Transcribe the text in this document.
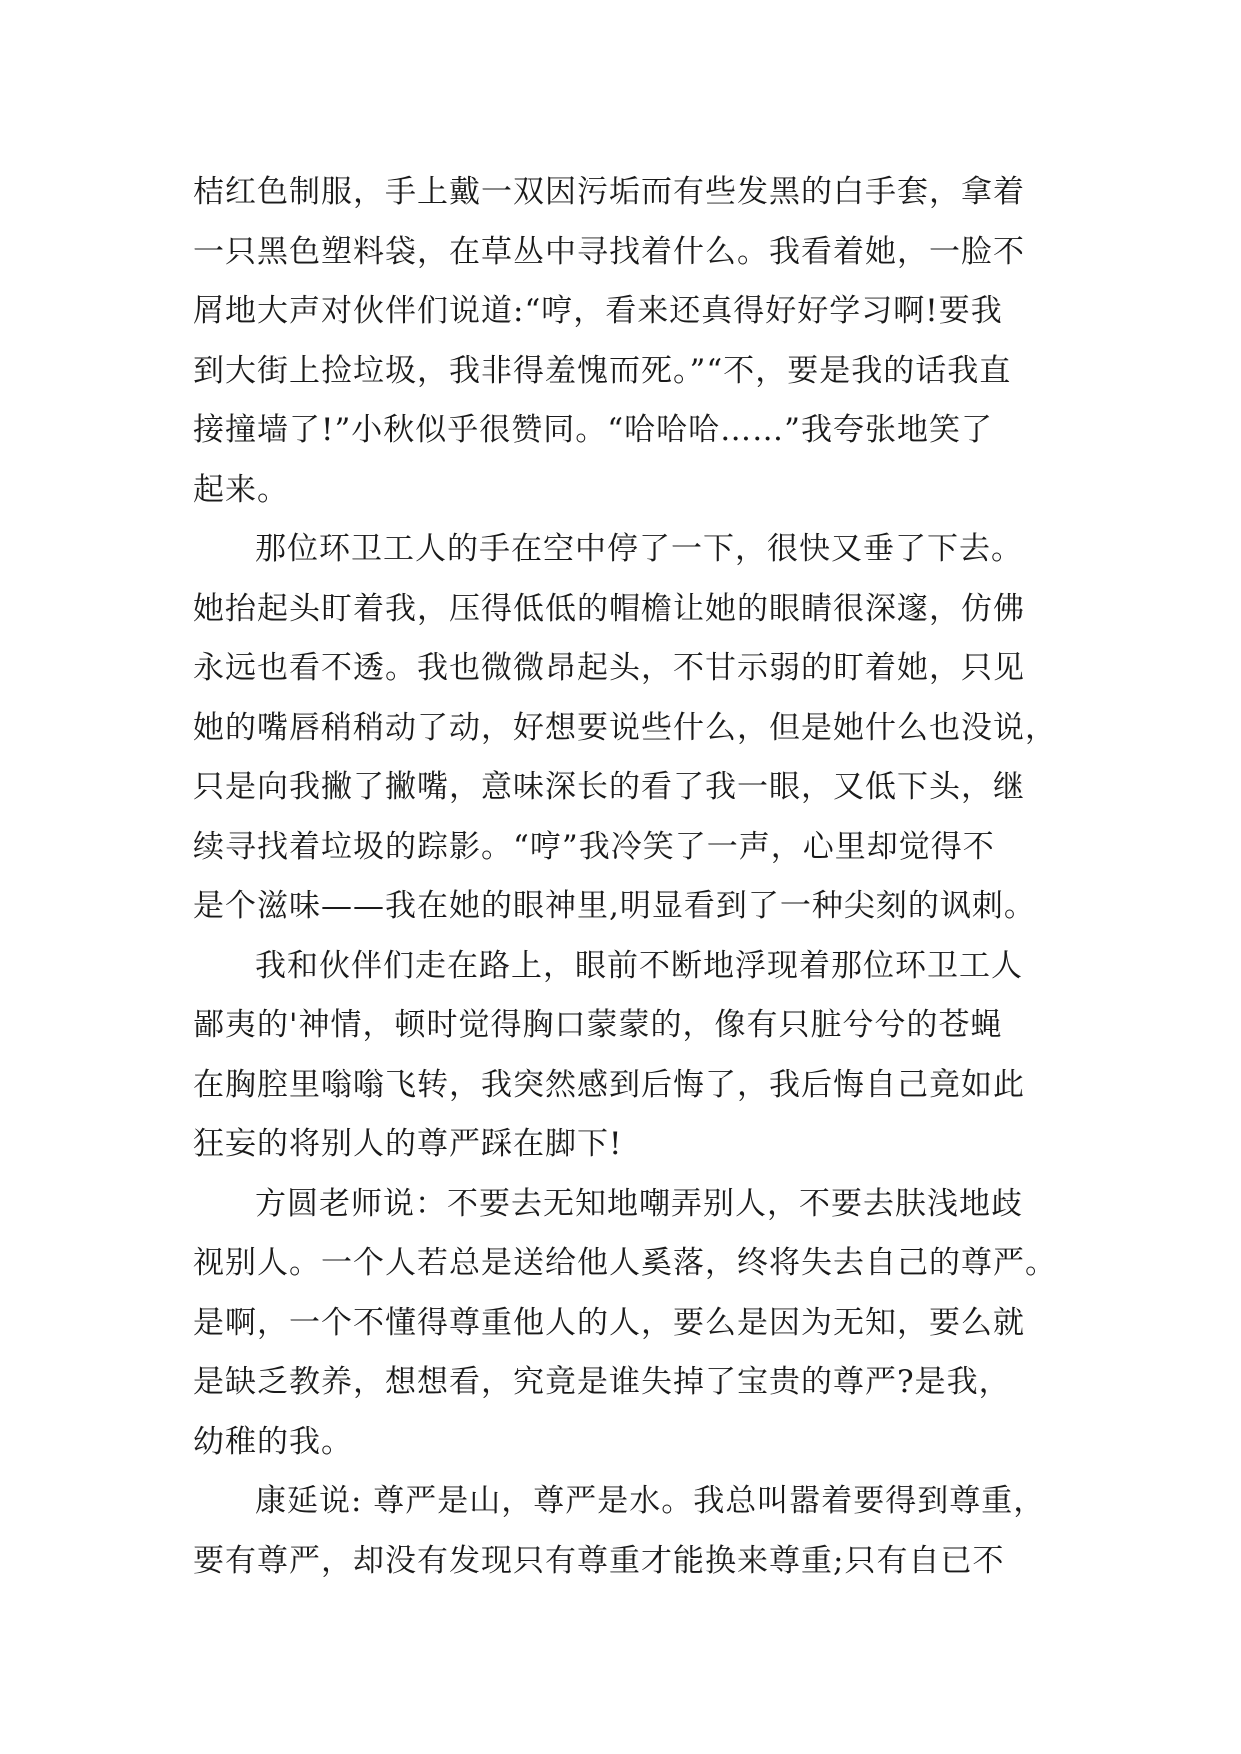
桔红色制服，手上戴一双因污垢而有些发黑的白手套，拿着
一只黑色塑料袋，在草丛中寻找着什么。我看着她，一脸不
屑地大声对伙伴们说道:“哼，看来还真得好好学习啊!要我
到大街上捡垃圾，我非得羞愧而死。”“不，要是我的话我直
接撞墙了!”小秋似乎很赞同。“哈哈哈……”我夸张地笑了
起来。
那位环卫工人的手在空中停了一下，很快又垂了下去。
她抬起头盯着我，压得低低的帽檐让她的眼睛很深邃，仿佛
永远也看不透。我也微微昂起头，不甘示弱的盯着她，只见
她的嘴唇稍稍动了动，好想要说些什么，但是她什么也没说，
只是向我撇了撇嘴，意味深长的看了我一眼，又低下头，继
续寻找着垃圾的踪影。“哼”我冷笑了一声，心里却觉得不
是个滋味——我在她的眼神里,明显看到了一种尖刻的讽刺。
我和伙伴们走在路上，眼前不断地浮现着那位环卫工人
鄙夷的'神情，顿时觉得胸口蒙蒙的，像有只脏兮兮的苍蝇
在胸腔里嗡嗡飞转，我突然感到后悔了，我后悔自己竟如此
狂妄的将别人的尊严踩在脚下!
方圆老师说：不要去无知地嘲弄别人，不要去肤浅地歧
视别人。一个人若总是送给他人奚落，终将失去自己的尊严。
是啊，一个不懂得尊重他人的人，要么是因为无知，要么就
是缺乏教养，想想看，究竟是谁失掉了宝贵的尊严?是我，
幼稚的我。
康延说: 尊严是山，尊严是水。我总叫嚣着要得到尊重，
要有尊严，却没有发现只有尊重才能换来尊重;只有自已不
